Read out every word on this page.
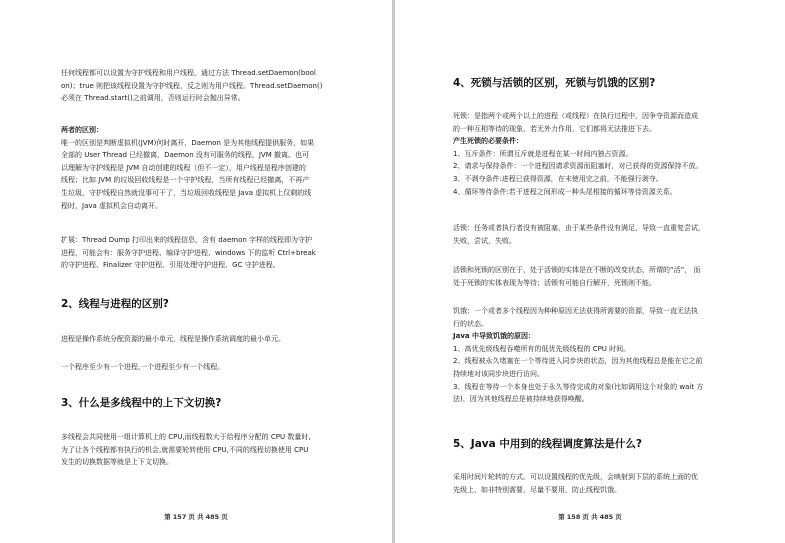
任何线程都可以设置为守护线程和用户线程，通过方法 Thread.setDaemon(bool
on)；true 则把该线程设置为守护线程，反之则为用户线程。Thread.setDaemon()
必须在 Thread.start()之前调用，否则运行时会抛出异常。
两者的区别：
唯一的区别是判断虚拟机(JVM)何时离开，Daemon 是为其他线程提供服务，如果
全部的 User Thread 已经撤离，Daemon 没有可服务的线程，JVM 撤离。也可
以理解为守护线程是 JVM 自动创建的线程（但不一定），用户线程是程序创建的
线程；比如 JVM 的垃圾回收线程是一个守护线程，当所有线程已经撤离，不再产
生垃圾，守护线程自然就没事可干了，当垃圾回收线程是 Java 虚拟机上仅剩的线
程时，Java 虚拟机会自动离开。
扩展：Thread Dump 打印出来的线程信息，含有 daemon 字样的线程即为守护
进程，可能会有：服务守护进程、编译守护进程、windows 下的监听 Ctrl+break
的守护进程、Finalizer 守护进程、引用处理守护进程、GC 守护进程。
2、线程与进程的区别?
进程是操作系统分配资源的最小单元，线程是操作系统调度的最小单元。
一个程序至少有一个进程,一个进程至少有一个线程。
3、什么是多线程中的上下文切换?
多线程会共同使用一组计算机上的 CPU,而线程数大于给程序分配的 CPU 数量时,
为了让各个线程都有执行的机会,就需要轮转使用 CPU,不同的线程切换使用 CPU
发生的切换数据等就是上下文切换。
第 157 页 共 485 页
4、死锁与活锁的区别，死锁与饥饿的区别?
死锁：是指两个或两个以上的进程（或线程）在执行过程中，因争夺资源而造成
的一种互相等待的现象，若无外力作用，它们都将无法推进下去。
产生死锁的必要条件：
1、互斥条件：所谓互斥就是进程在某一时间内独占资源。
2、请求与保持条件：一个进程因请求资源而阻塞时，对已获得的资源保持不放。
3、不剥夺条件:进程已获得资源，在末使用完之前，不能强行剥夺。
4、循环等待条件:若干进程之间形成一种头尾相接的循环等待资源关系。
活锁：任务或者执行者没有被阻塞，由于某些条件没有满足，导致一直重复尝试，
失败，尝试，失败。
活锁和死锁的区别在于，处于活锁的实体是在不断的改变状态，所谓的“活”， 而
处于死锁的实体表现为等待；活锁有可能自行解开，死锁则不能。
饥饿：一个或者多个线程因为种种原因无法获得所需要的资源，导致一直无法执
行的状态。
Java 中导致饥饿的原因：
1、高优先级线程吞噬所有的低优先级线程的 CPU 时间。
2、线程被永久堵塞在一个等待进入同步块的状态，因为其他线程总是能在它之前
持续地对该同步块进行访问。
3、线程在等待一个本身也处于永久等待完成的对象(比如调用这个对象的 wait 方
法)，因为其他线程总是被持续地获得唤醒。
5、Java 中用到的线程调度算法是什么?
采用时间片轮转的方式。可以设置线程的优先级，会映射到下层的系统上面的优
先级上，如非特别需要，尽量不要用，防止线程饥饿。
第 158 页 共 485 页
